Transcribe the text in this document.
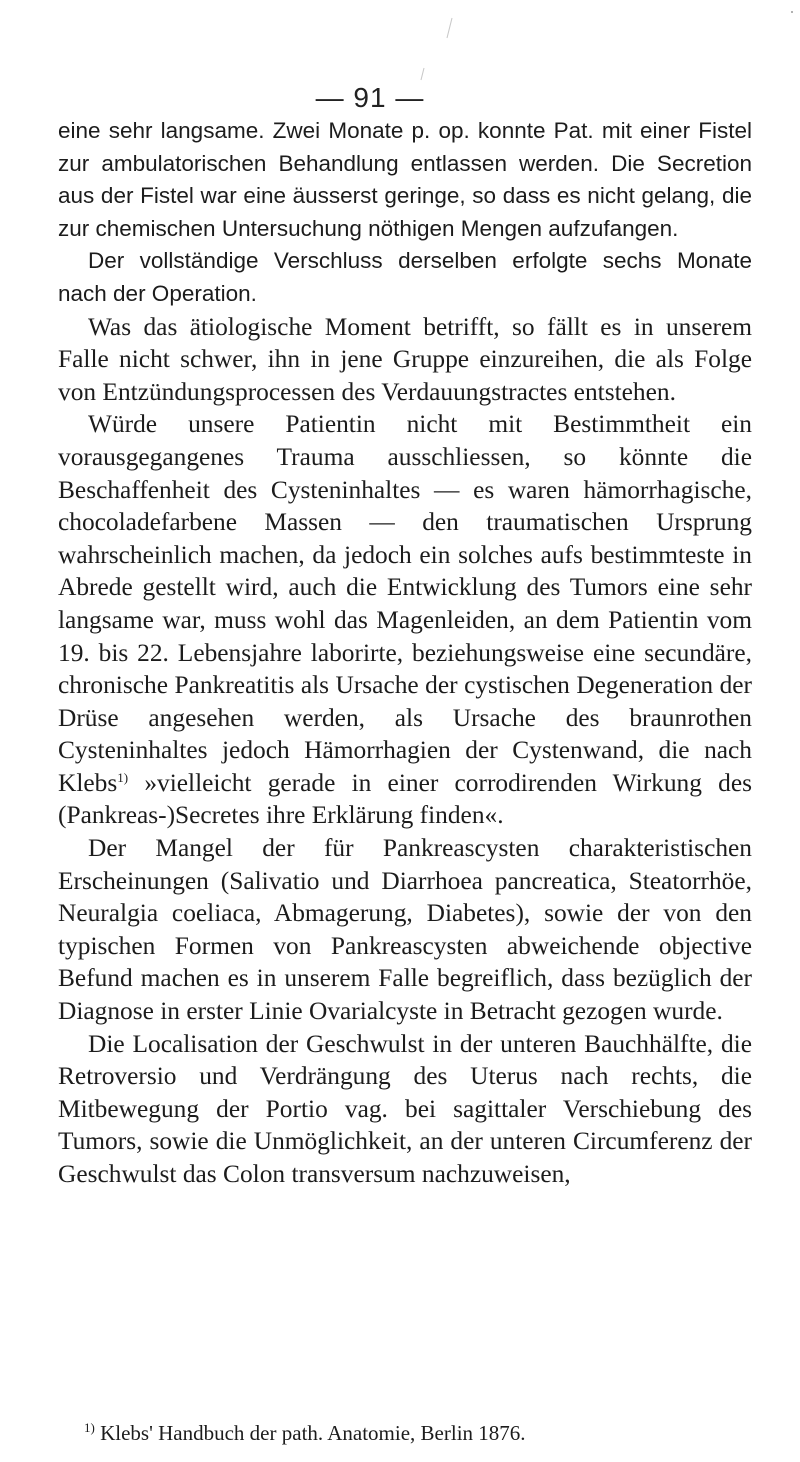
— 91 —

eine sehr langsame. Zwei Monate p. op. konnte Pat. mit einer Fistel zur ambulatorischen Behandlung entlassen werden. Die Secretion aus der Fistel war eine äusserst geringe, so dass es nicht gelang, die zur chemischen Untersuchung nöthigen Mengen aufzufangen.

Der vollständige Verschluss derselben erfolgte sechs Monate nach der Operation.

Was das ätiologische Moment betrifft, so fällt es in unserem Falle nicht schwer, ihn in jene Gruppe einzureihen, die als Folge von Entzündungsprocessen des Verdauungstractes entstehen.

Würde unsere Patientin nicht mit Bestimmtheit ein vorausgegangenes Trauma ausschliessen, so könnte die Beschaffenheit des Cysteninhaltes — es waren hämorrhagische, chocoladefarbene Massen — den traumatischen Ursprung wahrscheinlich machen, da jedoch ein solches aufs bestimmteste in Abrede gestellt wird, auch die Entwicklung des Tumors eine sehr langsame war, muss wohl das Magenleiden, an dem Patientin vom 19. bis 22. Lebensjahre laborirte, beziehungsweise eine secundäre, chronische Pankreatitis als Ursache der cystischen Degeneration der Drüse angesehen werden, als Ursache des braunrothen Cysteninhaltes jedoch Hämorrhagien der Cystenwand, die nach Klebs$^{1)}$ »vielleicht gerade in einer corrodirenden Wirkung des (Pankreas-)Secretes ihre Erklärung finden«.

Der Mangel der für Pankreascysten charakteristischen Erscheinungen (Salivatio und Diarrhoea pancreatica, Steatorrhöe, Neuralgia coeliaca, Abmagerung, Diabetes), sowie der von den typischen Formen von Pankreascysten abweichende objective Befund machen es in unserem Falle begreiflich, dass bezüglich der Diagnose in erster Linie Ovarialcyste in Betracht gezogen wurde.

Die Localisation der Geschwulst in der unteren Bauchhälfte, die Retroversio und Verdrängung des Uterus nach rechts, die Mitbewegung der Portio vag. bei sagittaler Verschiebung des Tumors, sowie die Unmöglichkeit, an der unteren Circumferenz der Geschwulst das Colon transversum nachzuweisen,

$^{1)}$ Klebs' Handbuch der path. Anatomie, Berlin 1876.
